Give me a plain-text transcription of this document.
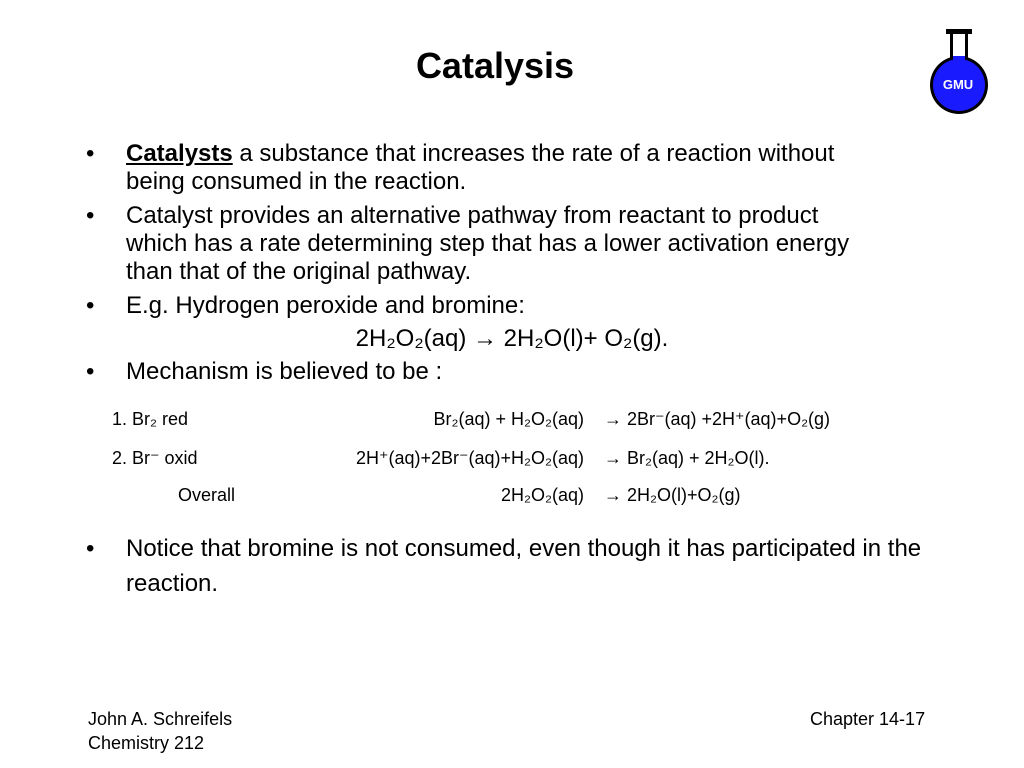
Catalysis	GMU
• Catalysts a substance that increases the rate of a reaction without being consumed in the reaction.
• Catalyst provides an alternative pathway from reactant to product which has a rate determining step that has a lower activation energy than that of the original pathway.
• E.g. Hydrogen peroxide and bromine:
2H₂O₂(aq) → 2H₂O(l)+ O₂(g).
• Mechanism is believed to be :
1. Br₂ red	Br₂(aq) + H₂O₂(aq) → 2Br⁻(aq) +2H⁺(aq)+O₂(g)
2. Br⁻ oxid	2H⁺(aq)+2Br⁻(aq)+H₂O₂(aq) → Br₂(aq) + 2H₂O(l).
Overall	2H₂O₂(aq) → 2H₂O(l)+O₂(g)
• Notice that bromine is not consumed, even though it has participated in the reaction.
John A. Schreifels
Chemistry 212
Chapter 14-17
